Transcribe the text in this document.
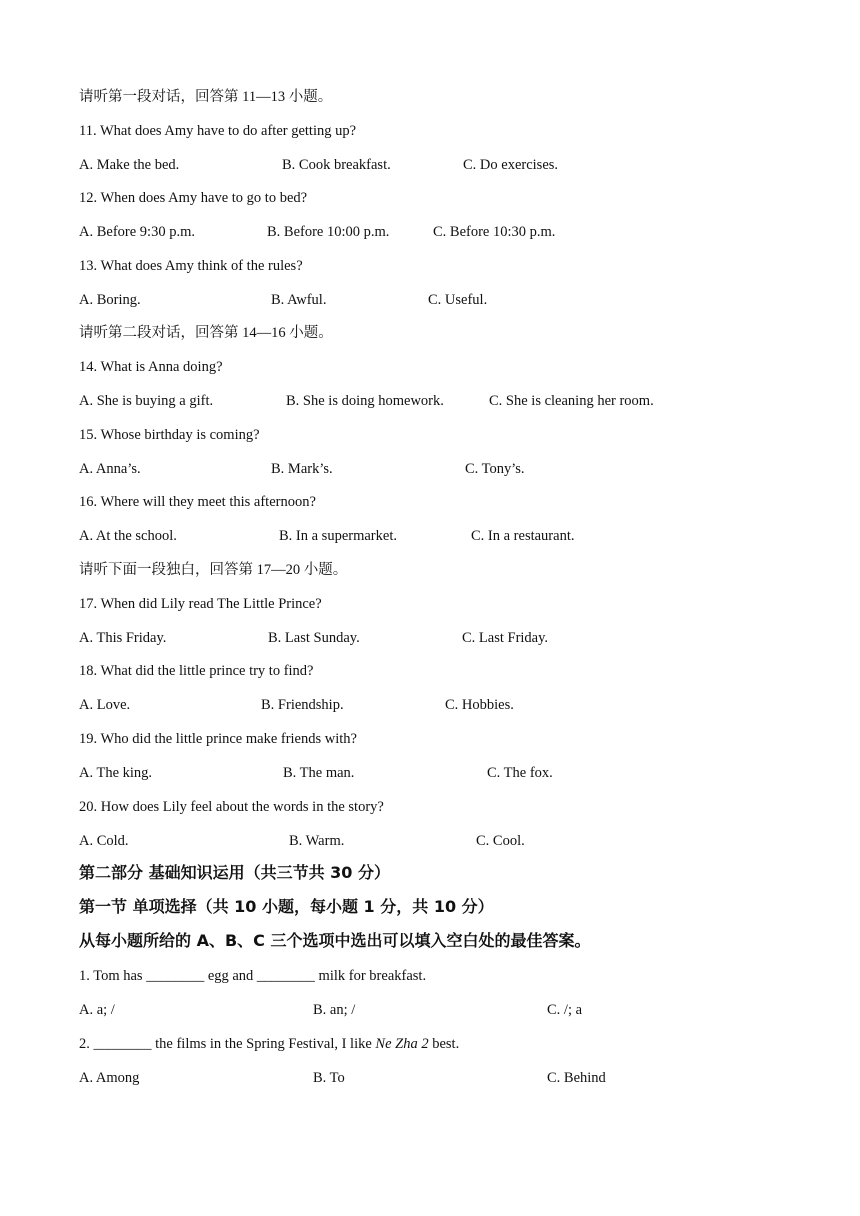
请听第一段对话，回答第 11—13 小题。
11. What does Amy have to do after getting up?
A. Make the bed.	B. Cook breakfast.	C. Do exercises.
12. When does Amy have to go to bed?
A. Before 9:30 p.m.	B. Before 10:00 p.m.	C. Before 10:30 p.m.
13. What does Amy think of the rules?
A. Boring.	B. Awful.	C. Useful.
请听第二段对话，回答第 14—16 小题。
14. What is Anna doing?
A. She is buying a gift.	B. She is doing homework.	C. She is cleaning her room.
15. Whose birthday is coming?
A. Anna’s.	B. Mark’s.	C. Tony’s.
16. Where will they meet this afternoon?
A. At the school.	B. In a supermarket.	C. In a restaurant.
请听下面一段独白，回答第 17—20 小题。
17. When did Lily read The Little Prince?
A. This Friday.	B. Last Sunday.	C. Last Friday.
18. What did the little prince try to find?
A. Love.	B. Friendship.	C. Hobbies.
19. Who did the little prince make friends with?
A. The king.	B. The man.	C. The fox.
20. How does Lily feel about the words in the story?
A. Cold.	B. Warm.	C. Cool.
第二部分 基础知识运用（共三节共 30 分）
第一节 单项选择（共 10 小题，每小题 1 分，共 10 分）
从每小题所给的 A、B、C 三个选项中选出可以填入空白处的最佳答案。
1. Tom has ________ egg and ________ milk for breakfast.
A. a; /	B. an; /	C. /; a
2. ________ the films in the Spring Festival, I like Ne Zha 2 best.
A. Among	B. To	C. Behind
